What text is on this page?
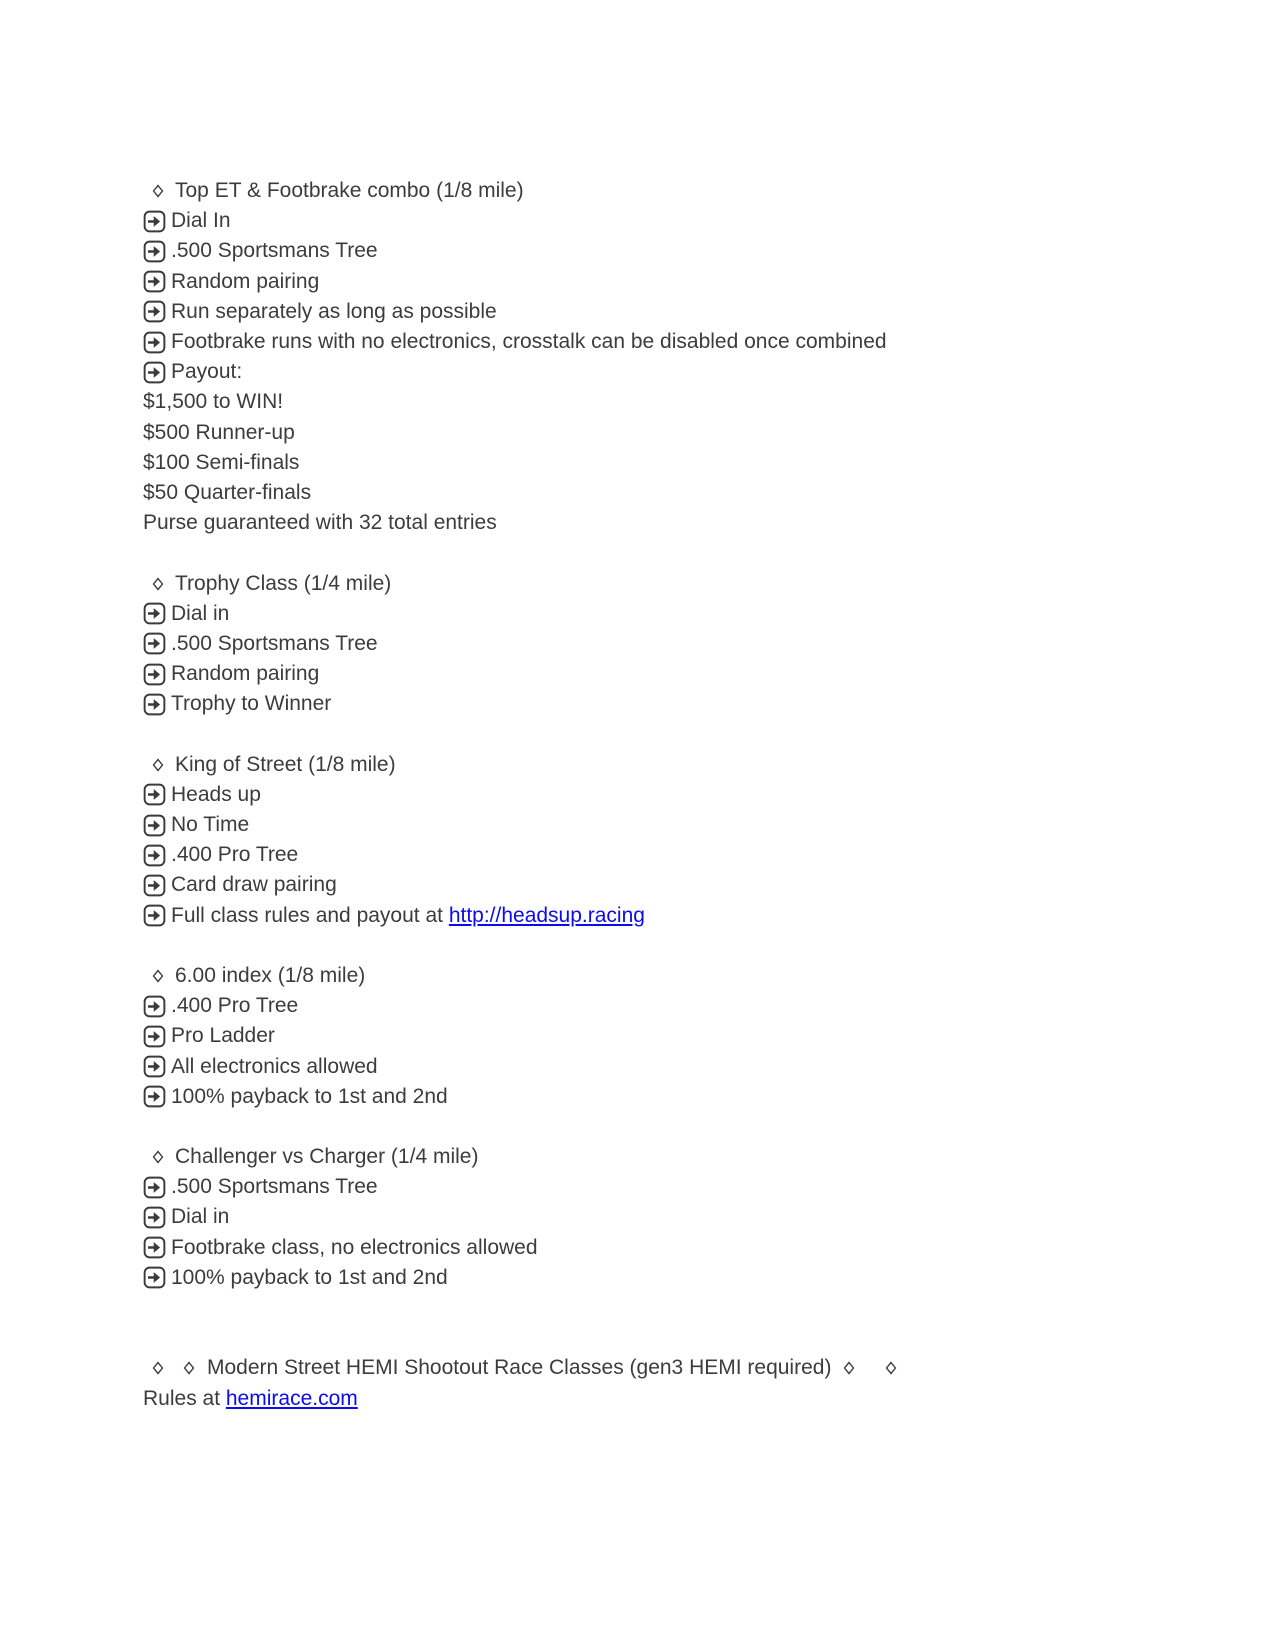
Top ET & Footbrake combo (1/8 mile)
Dial In
.500 Sportsmans Tree
Random pairing
Run separately as long as possible
Footbrake runs with no electronics, crosstalk can be disabled once combined
Payout:
$1,500 to WIN!
$500 Runner-up
$100 Semi-finals
$50 Quarter-finals
Purse guaranteed with 32 total entries
Trophy Class (1/4 mile)
Dial in
.500 Sportsmans Tree
Random pairing
Trophy to Winner
King of Street (1/8 mile)
Heads up
No Time
.400 Pro Tree
Card draw pairing
Full class rules and payout at http://headsup.racing
6.00 index (1/8 mile)
.400 Pro Tree
Pro Ladder
All electronics allowed
100% payback to 1st and 2nd
Challenger vs Charger (1/4 mile)
.500 Sportsmans Tree
Dial in
Footbrake class, no electronics allowed
100% payback to 1st and 2nd
Modern Street HEMI Shootout Race Classes (gen3 HEMI required)
Rules at hemirace.com
